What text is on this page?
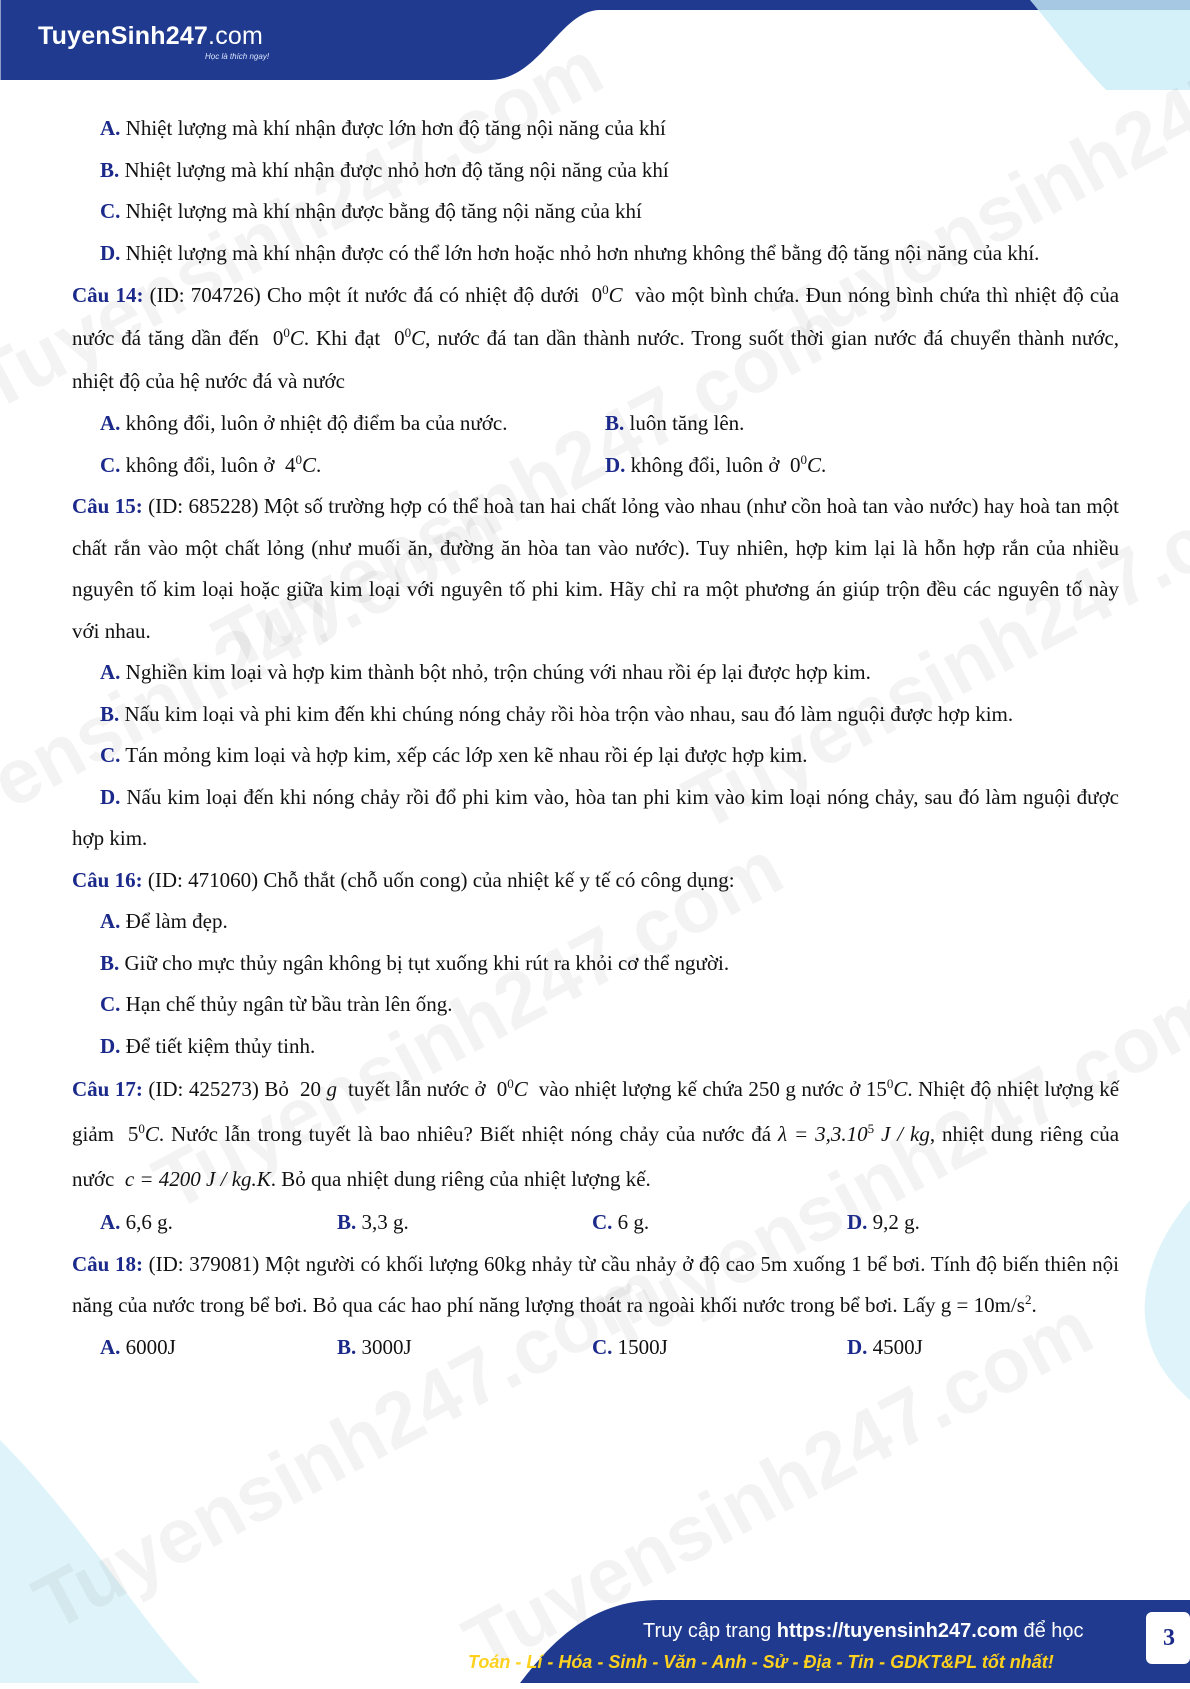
TuyenSinh247.com
Học là thích ngay!

A. Nhiệt lượng mà khí nhận được lớn hơn độ tăng nội năng của khí

B. Nhiệt lượng mà khí nhận được nhỏ hơn độ tăng nội năng của khí

C. Nhiệt lượng mà khí nhận được bằng độ tăng nội năng của khí

D. Nhiệt lượng mà khí nhận được có thể lớn hơn hoặc nhỏ hơn nhưng không thể bằng độ tăng nội năng của khí.

Câu 14: (ID: 704726) Cho một ít nước đá có nhiệt độ dưới $0^0C$ vào một bình chứa. Đun nóng bình chứa thì nhiệt độ của nước đá tăng dần đến $0^0C$. Khi đạt $0^0C$, nước đá tan dần thành nước. Trong suốt thời gian nước đá chuyển thành nước, nhiệt độ của hệ nước đá và nước

A. không đổi, luôn ở nhiệt độ điểm ba của nước.	B. luôn tăng lên.
C. không đổi, luôn ở $4^0C$.	D. không đổi, luôn ở $0^0C$.

Câu 15: (ID: 685228) Một số trường hợp có thể hoà tan hai chất lỏng vào nhau (như cồn hoà tan vào nước) hay hoà tan một chất rắn vào một chất lỏng (như muối ăn, đường ăn hòa tan vào nước). Tuy nhiên, hợp kim lại là hỗn hợp rắn của nhiều nguyên tố kim loại hoặc giữa kim loại với nguyên tố phi kim. Hãy chỉ ra một phương án giúp trộn đều các nguyên tố này với nhau.

A. Nghiền kim loại và hợp kim thành bột nhỏ, trộn chúng với nhau rồi ép lại được hợp kim.

B. Nấu kim loại và phi kim đến khi chúng nóng chảy rồi hòa trộn vào nhau, sau đó làm nguội được hợp kim.

C. Tán mỏng kim loại và hợp kim, xếp các lớp xen kẽ nhau rồi ép lại được hợp kim.

D. Nấu kim loại đến khi nóng chảy rồi đổ phi kim vào, hòa tan phi kim vào kim loại nóng chảy, sau đó làm nguội được hợp kim.

Câu 16: (ID: 471060) Chỗ thắt (chỗ uốn cong) của nhiệt kế y tế có công dụng:

A. Để làm đẹp.

B. Giữ cho mực thủy ngân không bị tụt xuống khi rút ra khỏi cơ thể người.

C. Hạn chế thủy ngân từ bầu tràn lên ống.

D. Để tiết kiệm thủy tinh.

Câu 17: (ID: 425273) Bỏ 20 g tuyết lẫn nước ở $0^0C$ vào nhiệt lượng kế chứa 250 g nước ở $15^0C$. Nhiệt độ nhiệt lượng kế giảm $5^0C$. Nước lẫn trong tuyết là bao nhiêu? Biết nhiệt nóng chảy của nước đá $\lambda = 3,3.10^5$ J / kg, nhiệt dung riêng của nước c = 4200 J / kg.K. Bỏ qua nhiệt dung riêng của nhiệt lượng kế.

A. 6,6 g.	B. 3,3 g.	C. 6 g.	D. 9,2 g.

Câu 18: (ID: 379081) Một người có khối lượng 60kg nhảy từ cầu nhảy ở độ cao 5m xuống 1 bể bơi. Tính độ biến thiên nội năng của nước trong bể bơi. Bỏ qua các hao phí năng lượng thoát ra ngoài khối nước trong bể bơi. Lấy $g = 10m/s^2$.

A. 6000J	B. 3000J	C. 1500J	D. 4500J
Truy cập trang https://tuyensinh247.com để học
Toán - Lí - Hóa - Sinh - Văn - Anh - Sử - Địa - Tin - GDKT&PL tốt nhất!
3
